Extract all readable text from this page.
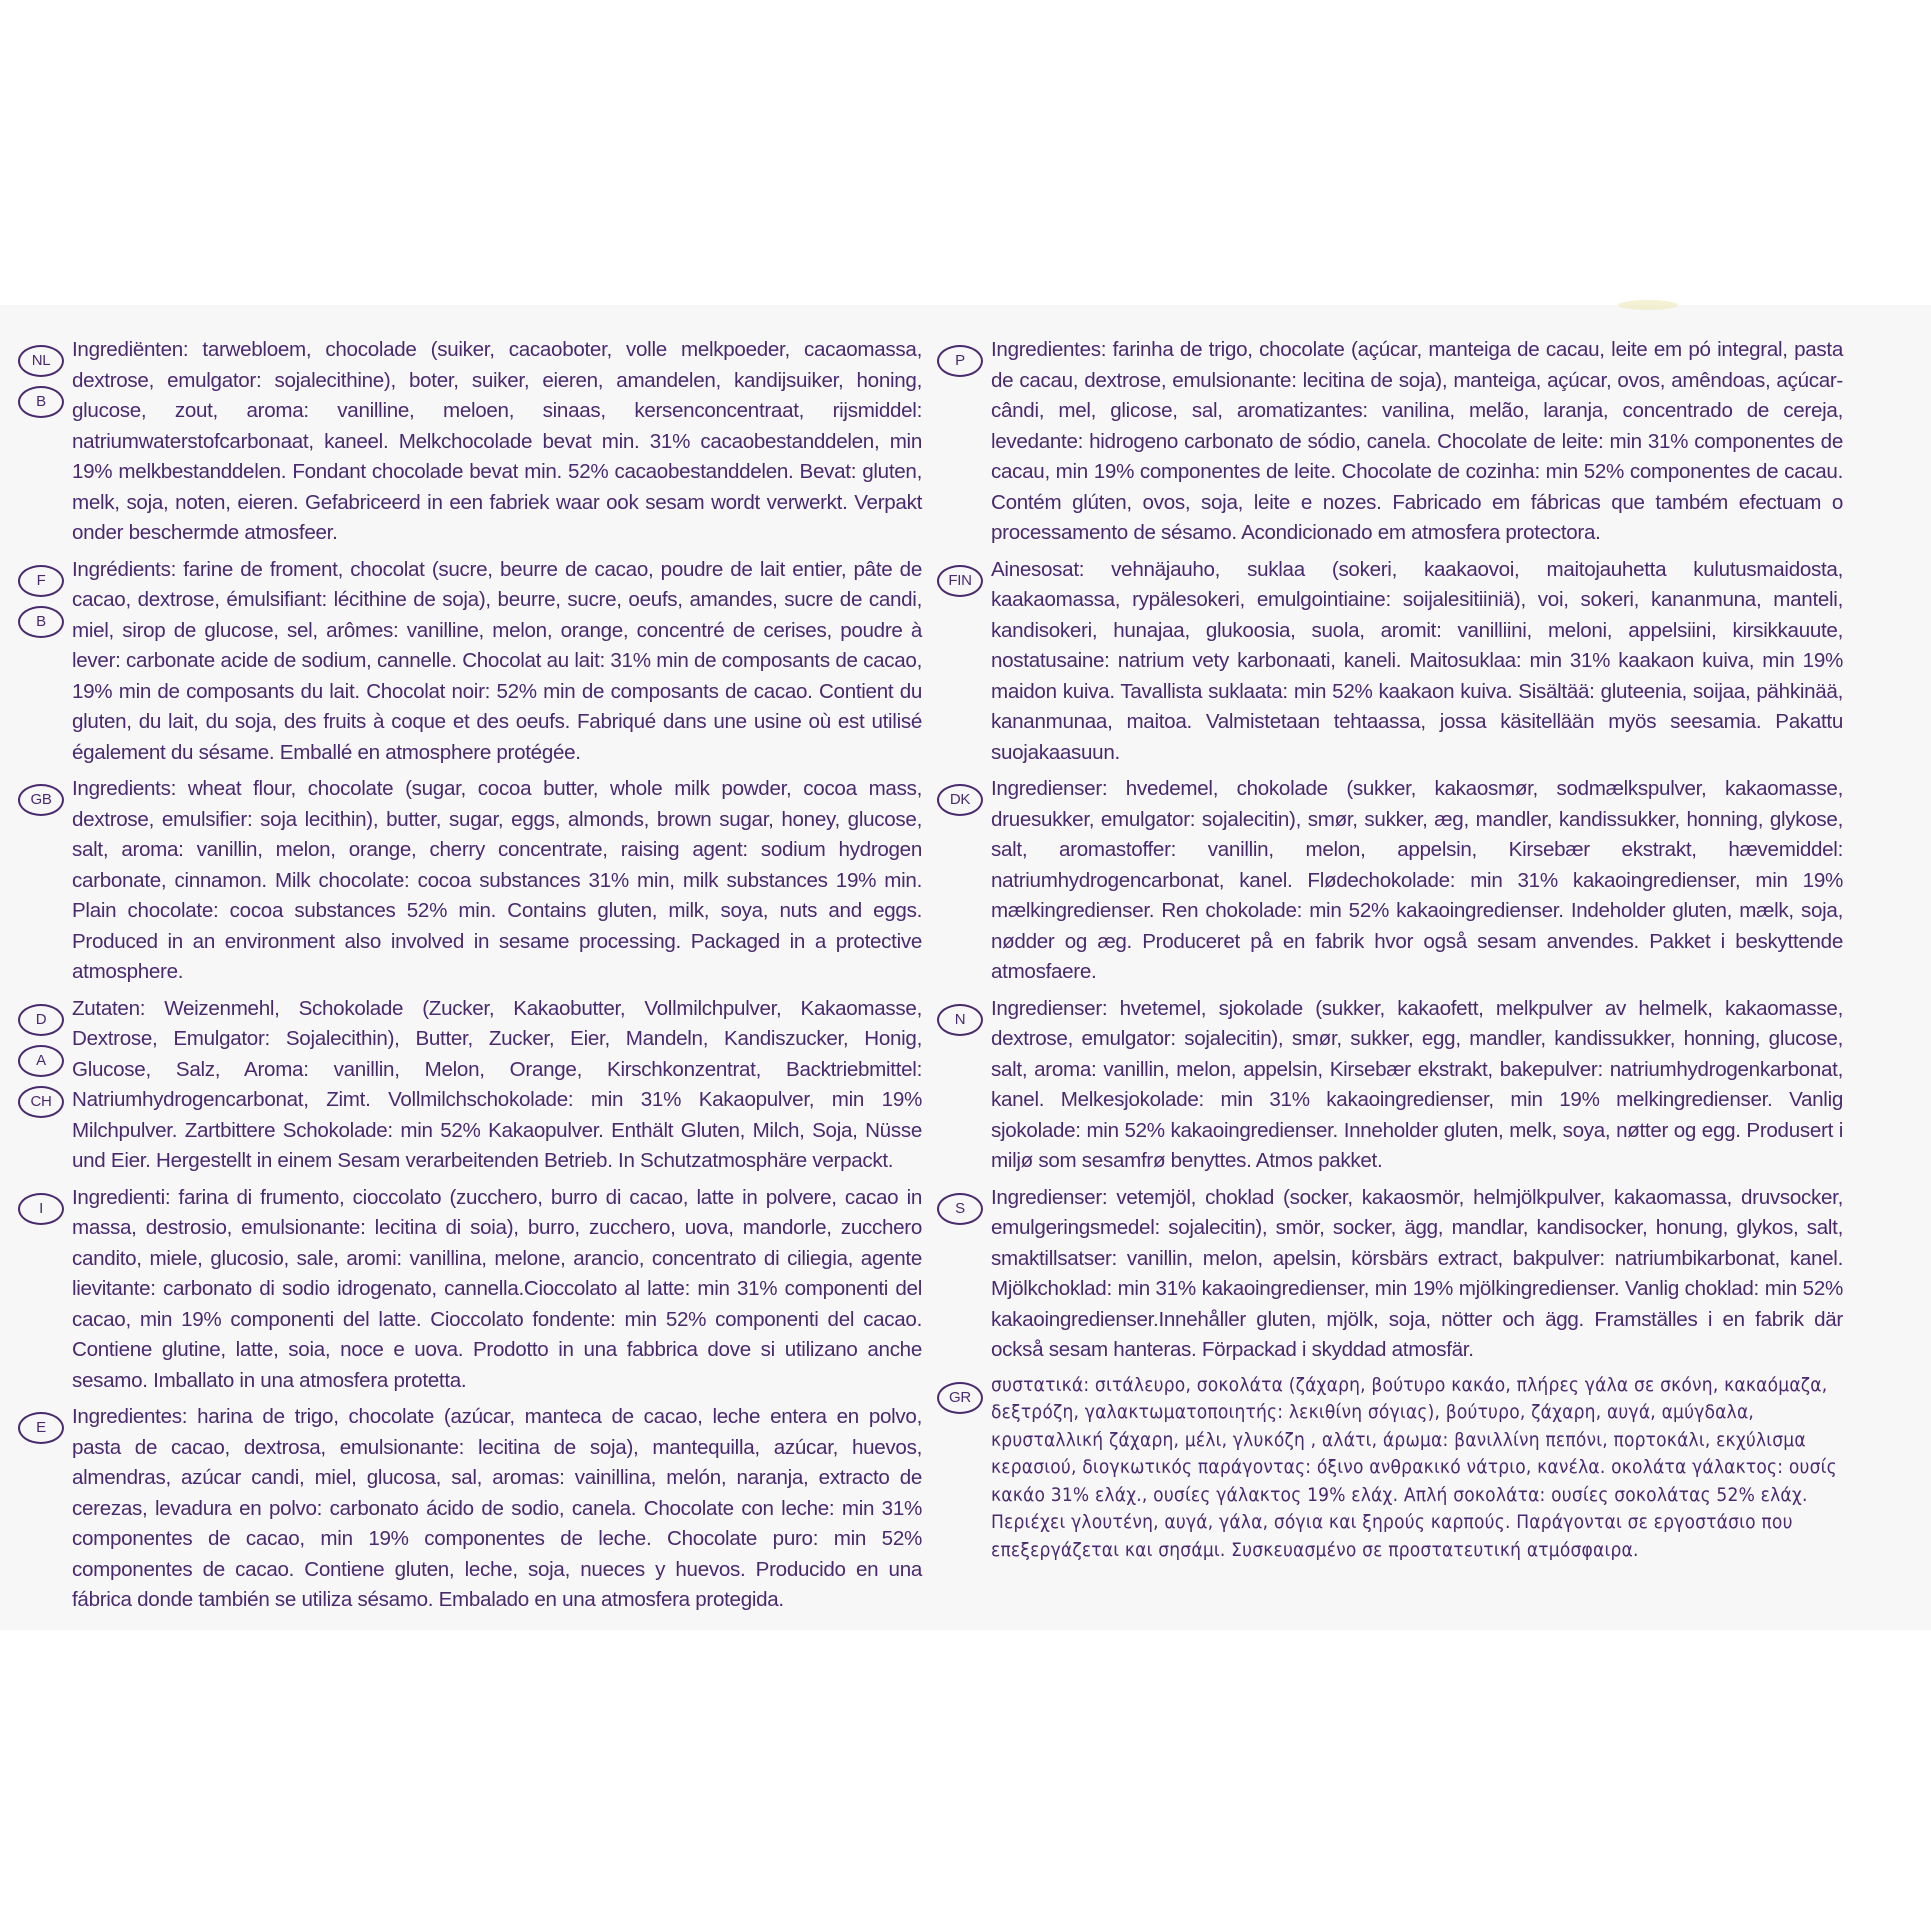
NL
B

Ingrediënten: tarwebloem, chocolade (suiker, cacaoboter, volle melkpoeder, cacaomassa, dextrose, emulgator: sojalecithine), boter, suiker, eieren, amandelen, kandijsuiker, honing, glucose, zout, aroma: vanilline, meloen, sinaas, kersenconcentraat, rijsmiddel: natriumwaterstofcarbonaat, kaneel. Melkchocolade bevat min. 31% cacaobestanddelen, min 19% melkbestanddelen. Fondant chocolade bevat min. 52% cacaobestanddelen. Bevat: gluten, melk, soja, noten, eieren. Gefabriceerd in een fabriek waar ook sesam wordt verwerkt. Verpakt onder beschermde atmosfeer.

F
B

Ingrédients: farine de froment, chocolat (sucre, beurre de cacao, poudre de lait entier, pâte de cacao, dextrose, émulsifiant: lécithine de soja), beurre, sucre, oeufs, amandes, sucre de candi, miel, sirop de glucose, sel, arômes: vanilline, melon, orange, concentré de cerises, poudre à lever: carbonate acide de sodium, cannelle. Chocolat au lait: 31% min de composants de cacao, 19% min de composants du lait. Chocolat noir: 52% min de composants de cacao. Contient du gluten, du lait, du soja, des fruits à coque et des oeufs. Fabriqué dans une usine où est utilisé également du sésame. Emballé en atmosphere protégée.

GB Ingredients: wheat flour, chocolate (sugar, cocoa butter, whole milk powder, cocoa mass, dextrose, emulsifier: soja lecithin), butter, sugar, eggs, almonds, brown sugar, honey, glucose, salt, aroma: vanillin, melon, orange, cherry concentrate, raising agent: sodium hydrogen carbonate, cinnamon. Milk chocolate: cocoa substances 31% min, milk substances 19% min. Plain chocolate: cocoa substances 52% min. Contains gluten, milk, soya, nuts and eggs. Produced in an environment also involved in sesame processing. Packaged in a protective atmosphere.

D
A
CH

Zutaten: Weizenmehl, Schokolade (Zucker, Kakaobutter, Vollmilchpulver, Kakaomasse, Dextrose, Emulgator: Sojalecithin), Butter, Zucker, Eier, Mandeln, Kandiszucker, Honig, Glucose, Salz, Aroma: vanillin, Melon, Orange, Kirschkonzentrat, Backtriebmittel: Natriumhydrogencarbonat, Zimt. Vollmilchschokolade: min 31% Kakaopulver, min 19% Milchpulver. Zartbittere Schokolade: min 52% Kakaopulver. Enthält Gluten, Milch, Soja, Nüsse und Eier. Hergestellt in einem Sesam verarbeitenden Betrieb. In Schutzatmosphäre verpackt.

I	Ingredienti: farina di frumento, cioccolato (zucchero, burro di cacao, latte in polvere, cacao in massa, destrosio, emulsionante: lecitina di soia), burro, zucchero, uova, mandorle, zucchero candito, miele, glucosio, sale, aromi: vanillina, melone, arancio, concentrato di ciliegia, agente lievitante: carbonato di sodio idrogenato, cannella.Cioccolato al latte: min 31% componenti del cacao, min 19% componenti del latte. Cioccolato fondente: min 52% componenti del cacao. Contiene glutine, latte, soia, noce e uova. Prodotto in una fabbrica dove si utilizano anche sesamo. Imballato in una atmosfera protetta.

E	Ingredientes: harina de trigo, chocolate (azúcar, manteca de cacao, leche entera en polvo, pasta de cacao, dextrosa, emulsionante: lecitina de soja), mantequilla, azúcar, huevos, almendras, azúcar candi, miel, glucosa, sal, aromas: vainillina, melón, naranja, extracto de cerezas, levadura en polvo: carbonato ácido de sodio, canela. Chocolate con leche: min 31% componentes de cacao, min 19% componentes de leche. Chocolate puro: min 52% componentes de cacao. Contiene gluten, leche, soja, nueces y huevos. Producido en una fábrica donde también se utiliza sésamo. Embalado en una atmosfera protegida.

P	Ingredientes: farinha de trigo, chocolate (açúcar, manteiga de cacau, leite em pó integral, pasta de cacau, dextrose, emulsionante: lecitina de soja), manteiga, açúcar, ovos, amêndoas, açúcar-cândi, mel, glicose, sal, aromatizantes: vanilina, melão, laranja, concentrado de cereja, levedante: hidrogeno carbonato de sódio, canela. Chocolate de leite: min 31% componentes de cacau, min 19% componentes de leite. Chocolate de cozinha: min 52% componentes de cacau. Contém glúten, ovos, soja, leite e nozes. Fabricado em fábricas que também efectuam o processamento de sésamo. Acondicionado em atmosfera protectora.

FIN Ainesosat: vehnäjauho, suklaa (sokeri, kaakaovoi, maitojauhetta kulutusmaidosta, kaakaomassa, rypälesokeri, emulgointiaine: soijalesitiiniä), voi, sokeri, kananmuna, manteli, kandisokeri, hunajaa, glukoosia, suola, aromit: vanilliini, meloni, appelsiini, kirsikkauute, nostatusaine: natrium vety karbonaati, kaneli. Maitosuklaa: min 31% kaakaon kuiva, min 19% maidon kuiva. Tavallista suklaata: min 52% kaakaon kuiva. Sisältää: gluteenia, soijaa, pähkinää, kananmunaa, maitoa. Valmistetaan tehtaassa, jossa käsitellään myös seesamia. Pakattu suojakaasuun.

DK	Ingredienser: hvedemel, chokolade (sukker, kakaosmør, sodmælkspulver, kakaomasse, druesukker, emulgator: sojalecitin), smør, sukker, æg, mandler, kandissukker, honning, glykose, salt, aromastoffer: vanillin, melon, appelsin, Kirsebær ekstrakt, hævemiddel: natriumhydrogencarbonat, kanel. Flødechokolade: min 31% kakaoingredienser, min 19% mælkingredienser. Ren chokolade: min 52% kakaoingredienser. Indeholder gluten, mælk, soja, nødder og æg. Produceret på en fabrik hvor også sesam anvendes. Pakket i beskyttende atmosfaere.

N	Ingredienser: hvetemel, sjokolade (sukker, kakaofett, melkpulver av helmelk, kakaomasse, dextrose, emulgator: sojalecitin), smør, sukker, egg, mandler, kandissukker, honning, glucose, salt, aroma: vanillin, melon, appelsin, Kirsebær ekstrakt, bakepulver: natriumhydrogenkarbonat, kanel. Melkesjokolade: min 31% kakaoingredienser, min 19% melkingredienser. Vanlig sjokolade: min 52% kakaoingredienser. Inneholder gluten, melk, soya, nøtter og egg. Produsert i miljø som sesamfrø benyttes. Atmos pakket.

S	Ingredienser: vetemjöl, choklad (socker, kakaosmör, helmjölkpulver, kakaomassa, druvsocker, emulgeringsmedel: sojalecitin), smör, socker, ägg, mandlar, kandisocker, honung, glykos, salt, smaktillsatser: vanillin, melon, apelsin, körsbärs extract, bakpulver: natriumbikarbonat, kanel. Mjölkchoklad: min 31% kakaoingredienser, min 19% mjölkingredienser. Vanlig choklad: min 52% kakaoingredienser.Innehåller gluten, mjölk, soja, nötter och ägg. Framställes i en fabrik där också sesam hanteras. Förpackad i skyddad atmosfär.

GR

συστατικά: σιτάλευρο, σοκολάτα (ζάχαρη, βούτυρο κακάο, πλήρες γάλα σε σκόνη, κακαόμαζα, δεξτρόζη, γαλακτωματοποιητής: λεκιθίνη σόγιας), βούτυρο, ζάχαρη, αυγά, αμύγδαλα, κρυσταλλική ζάχαρη, μέλι, γλυκόζη , αλάτι, άρωμα: βανιλλίνη πεπόνι, πορτοκάλι, εκχύλισμα κερασιού, διογκωτικός παράγοντας: όξινο ανθρακικό νάτριο, κανέλα. οκολάτα γάλακτος: ουσίς κακάο 31% ελάχ., ουσίες γάλακτος 19% ελάχ. Απλή σοκολάτα: ουσίες σοκολάτας 52% ελάχ. Περιέχει γλουτένη, αυγά, γάλα, σόγια και ξηρούς καρπούς. Παράγονται σε εργοστάσιο που επεξεργάζεται και σησάμι. Συσκευασμένο σε προστατευτική ατμόσφαιρα.
